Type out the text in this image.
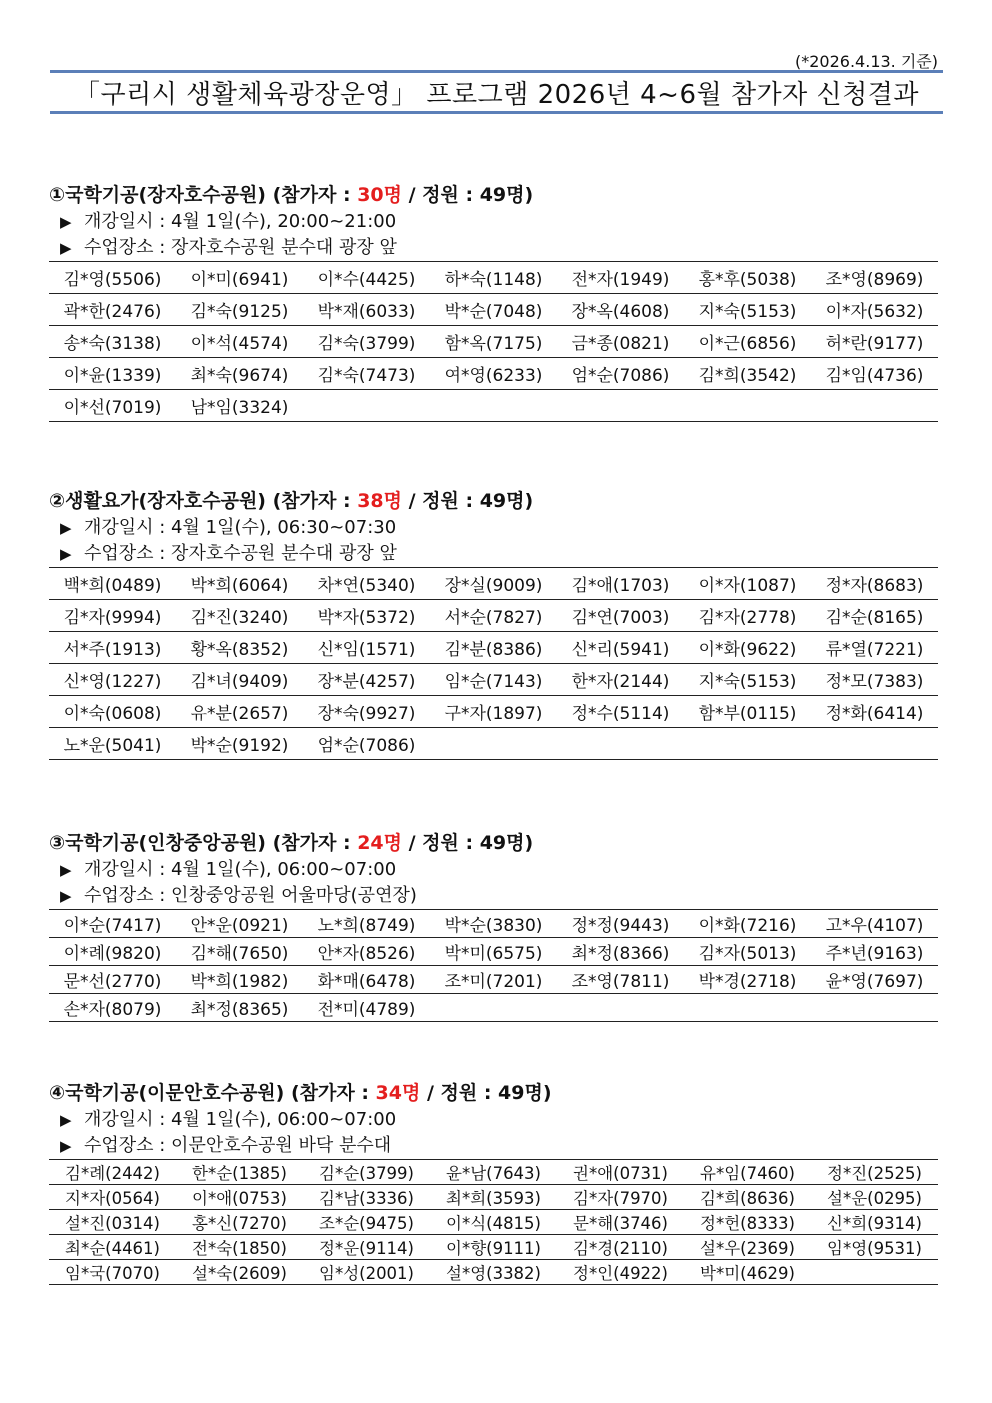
(*2026.4.13. 기준)
「구리시 생활체육광장운영」 프로그램 2026년 4~6월 참가자 신청결과
①국학기공(장자호수공원) (참가자 : 30명 / 정원 : 49명)
▶ 개강일시 : 4월 1일(수), 20:00~21:00
▶ 수업장소 : 장자호수공원 분수대 광장 앞
김*영(5506)	이*미(6941)	이*수(4425)	하*숙(1148)	전*자(1949)	홍*후(5038)	조*영(8969)
곽*한(2476)	김*숙(9125)	박*재(6033)	박*순(7048)	장*옥(4608)	지*숙(5153)	이*자(5632)
송*숙(3138)	이*석(4574)	김*숙(3799)	함*옥(7175)	금*종(0821)	이*근(6856)	허*란(9177)
이*윤(1339)	최*숙(9674)	김*숙(7473)	여*영(6233)	엄*순(7086)	김*희(3542)	김*임(4736)
이*선(7019)	남*임(3324)					
②생활요가(장자호수공원) (참가자 : 38명 / 정원 : 49명)
▶ 개강일시 : 4월 1일(수), 06:30~07:30
▶ 수업장소 : 장자호수공원 분수대 광장 앞
백*희(0489)	박*희(6064)	차*연(5340)	장*실(9009)	김*애(1703)	이*자(1087)	정*자(8683)
김*자(9994)	김*진(3240)	박*자(5372)	서*순(7827)	김*연(7003)	김*자(2778)	김*순(8165)
서*주(1913)	황*옥(8352)	신*임(1571)	김*분(8386)	신*리(5941)	이*화(9622)	류*열(7221)
신*영(1227)	김*녀(9409)	장*분(4257)	임*순(7143)	한*자(2144)	지*숙(5153)	정*모(7383)
이*숙(0608)	유*분(2657)	장*숙(9927)	구*자(1897)	정*수(5114)	함*부(0115)	정*화(6414)
노*운(5041)	박*순(9192)	엄*순(7086)				
③국학기공(인창중앙공원) (참가자 : 24명 / 정원 : 49명)
▶ 개강일시 : 4월 1일(수), 06:00~07:00
▶ 수업장소 : 인창중앙공원 어울마당(공연장)
이*순(7417)	안*운(0921)	노*희(8749)	박*순(3830)	정*정(9443)	이*화(7216)	고*우(4107)
이*례(9820)	김*해(7650)	안*자(8526)	박*미(6575)	최*정(8366)	김*자(5013)	주*년(9163)
문*선(2770)	박*희(1982)	화*매(6478)	조*미(7201)	조*영(7811)	박*경(2718)	윤*영(7697)
손*자(8079)	최*정(8365)	전*미(4789)				
④국학기공(이문안호수공원) (참가자 : 34명 / 정원 : 49명)
▶ 개강일시 : 4월 1일(수), 06:00~07:00
▶ 수업장소 : 이문안호수공원 바닥 분수대
김*례(2442)	한*순(1385)	김*순(3799)	윤*남(7643)	권*애(0731)	유*임(7460)	정*진(2525)
지*자(0564)	이*애(0753)	김*남(3336)	최*희(3593)	김*자(7970)	김*희(8636)	설*운(0295)
설*진(0314)	홍*신(7270)	조*순(9475)	이*식(4815)	문*해(3746)	정*헌(8333)	신*희(9314)
최*순(4461)	전*숙(1850)	정*운(9114)	이*향(9111)	김*경(2110)	설*우(2369)	임*영(9531)
임*국(7070)	설*숙(2609)	임*성(2001)	설*영(3382)	정*인(4922)	박*미(4629)	
